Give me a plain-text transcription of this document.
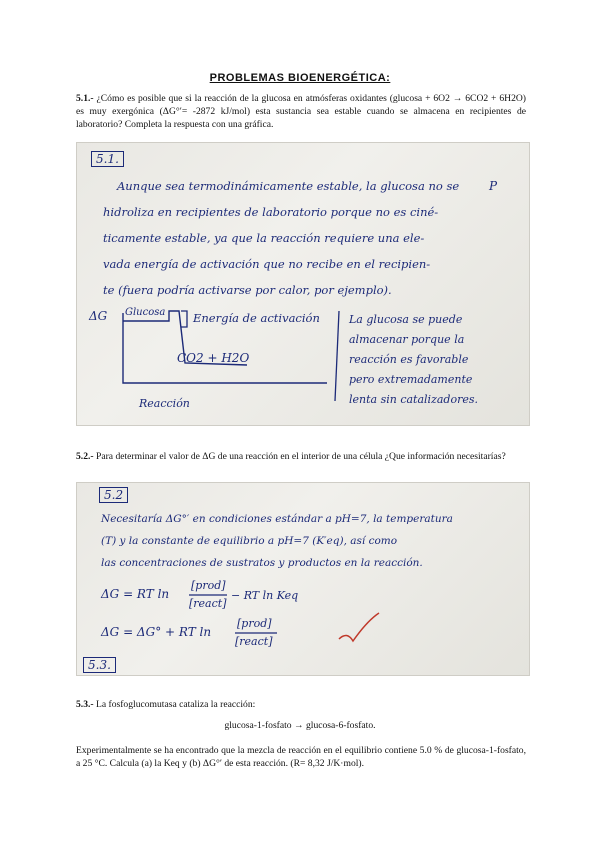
PROBLEMAS BIOENERGÉTICA:
5.1.- ¿Cómo es posible que si la reacción de la glucosa en atmósferas oxidantes (glucosa + 6O2 → 6CO2 + 6H2O) es muy exergónica (ΔG°′= -2872 kJ/mol) esta sustancia sea estable cuando se almacena en recipientes de laboratorio? Completa la respuesta con una gráfica.
5.1.
P
Aunque sea termodinámicamente estable, la glucosa no se
hidroliza en recipientes de laboratorio porque no es ciné-
ticamente estable, ya que la reacción requiere una ele-
vada energía de activación que no recibe en el recipien-
te (fuera podría activarse por calor, por ejemplo).
ΔG Glucosa Energía de activación
CO2 + H2O
Reacción
La glucosa se puede
almacenar porque la
reacción es favorable
pero extremadamente
lenta sin catalizadores.
5.2.- Para determinar el valor de ΔG de una reacción en el interior de una célula ¿Que información necesitarías?
5.2
Necesitaría ΔG°′ en condiciones estándar a pH=7, la temperatura
(T) y la constante de equilibrio a pH=7 (K′eq), así como
las concentraciones de sustratos y productos en la reacción.
ΔG = RT ln
[prod]
[react]
− RT ln Keq
ΔG = ΔG° + RT ln
[prod]
[react]
5.3.
5.3.- La fosfoglucomutasa cataliza la reacción:
glucosa-1-fosfato → glucosa-6-fosfato.
Experimentalmente se ha encontrado que la mezcla de reacción en el equilibrio contiene 5.0 % de glucosa-1-fosfato, a 25 °C. Calcula (a) la Keq y (b) ΔG°′ de esta reacción. (R= 8,32 J/K·mol).
